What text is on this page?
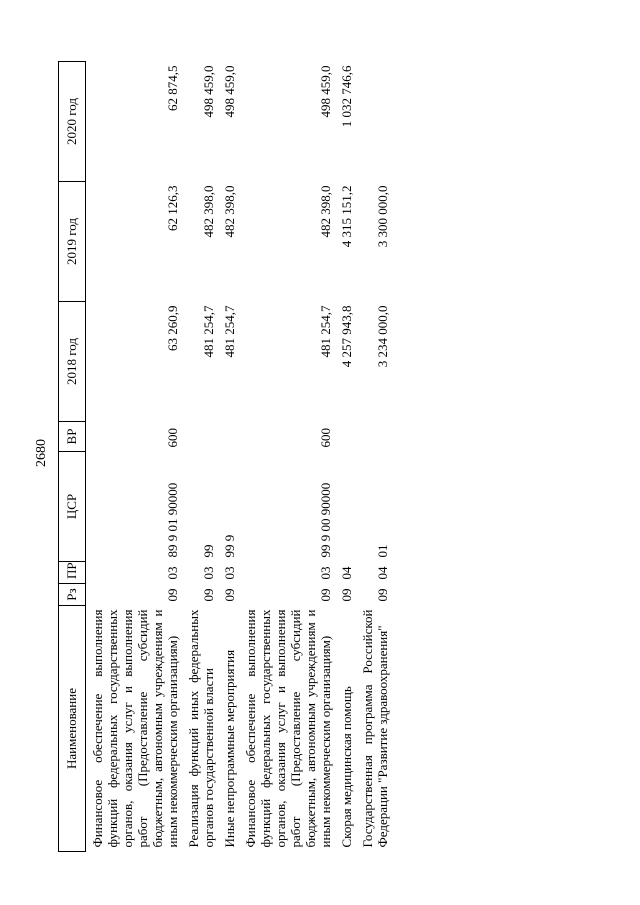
2680
Наименование	Рз	ПР	ЦСР	ВР	2018 год	2019 год	2020 год
Финансовое обеспечение выполнения функций федеральных государственных органов, оказания услуг и выполнения работ (Предоставление субсидий бюджетным, автономным учреждениям и иным некоммерческим организациям)	09	03	89 9 01 90000	600	63 260,9	62 126,3	62 874,5
Реализация функций иных федеральных органов государственной власти	09	03	99		481 254,7	482 398,0	498 459,0
Иные непрограммные мероприятия	09	03	99 9		481 254,7	482 398,0	498 459,0
Финансовое обеспечение выполнения функций федеральных государственных органов, оказания услуг и выполнения работ (Предоставление субсидий бюджетным, автономным учреждениям и иным некоммерческим организациям)	09	03	99 9 00 90000	600	481 254,7	482 398,0	498 459,0
Скорая медицинская помощь	09	04			4 257 943,8	4 315 151,2	1 032 746,6
Государственная программа Российской Федерации "Развитие здравоохранения"	09	04	01		3 234 000,0	3 300 000,0	
